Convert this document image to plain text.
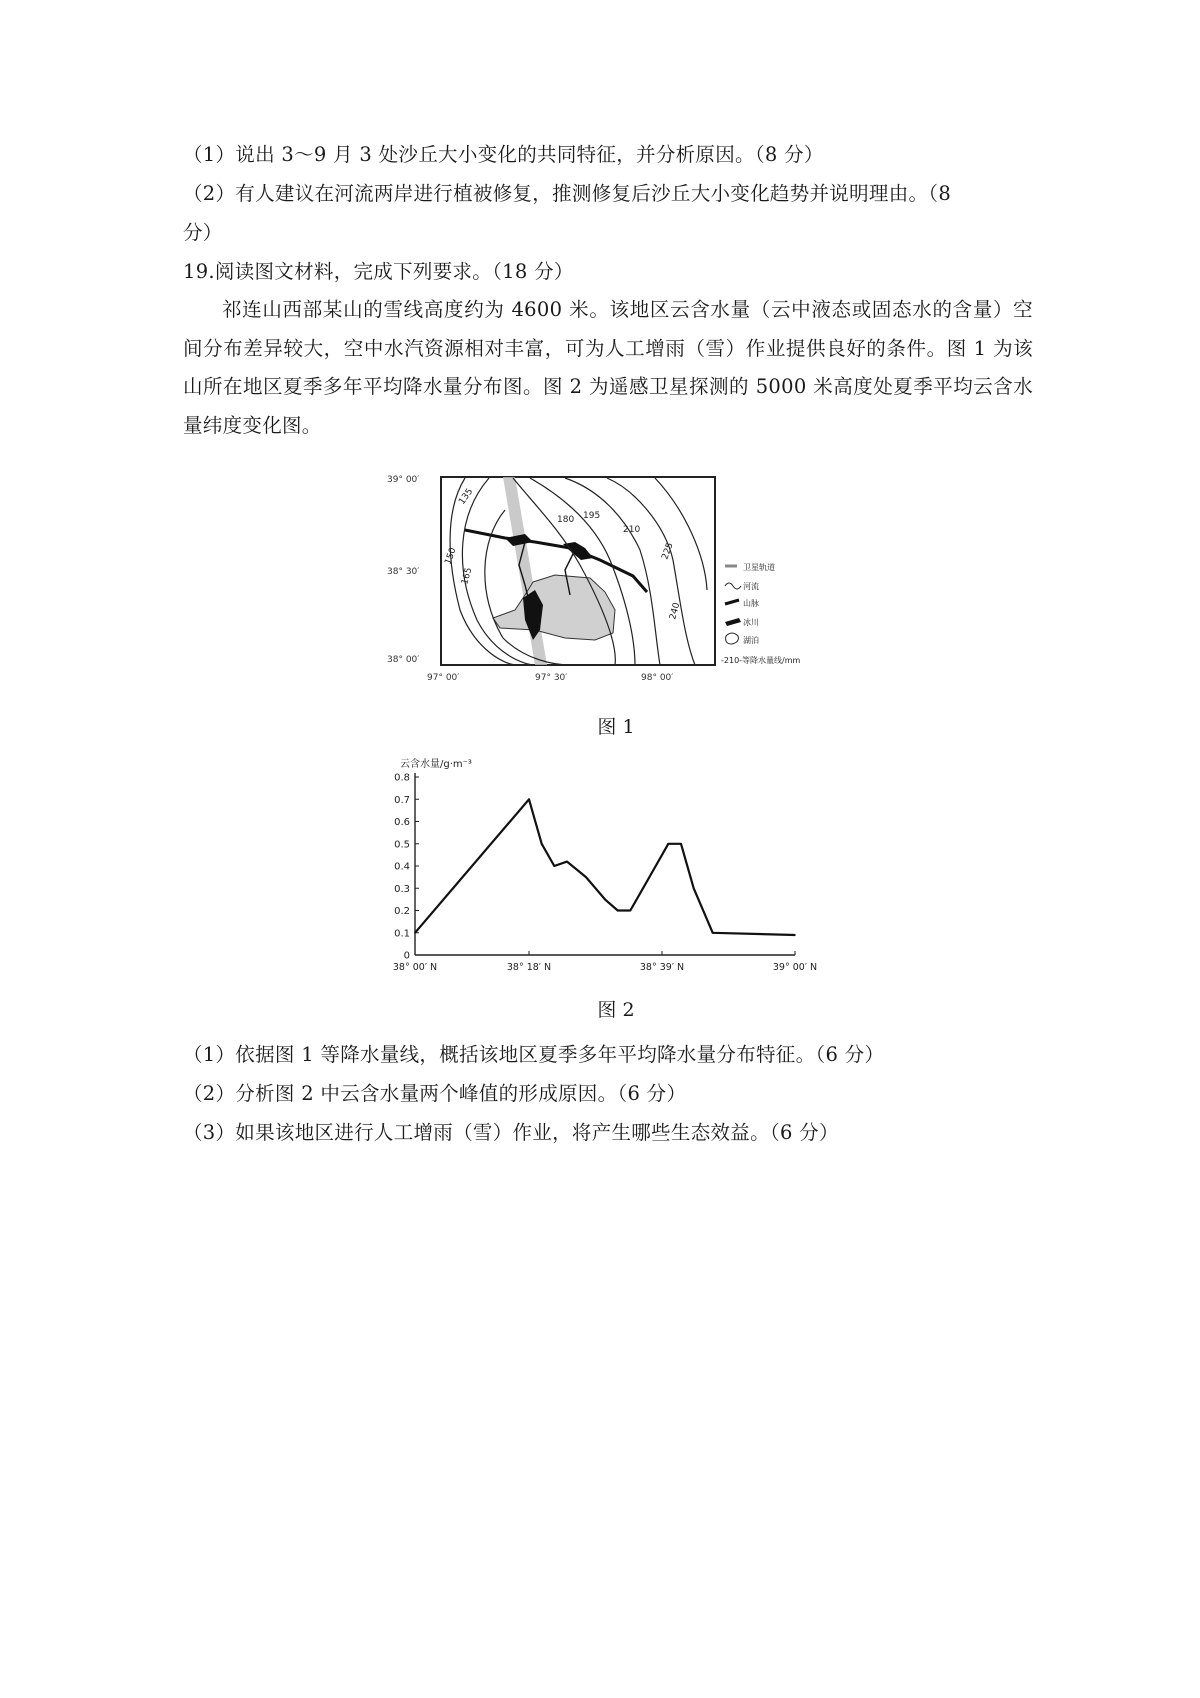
（1）说出 3～9 月 3 处沙丘大小变化的共同特征，并分析原因。（8 分）
（2）有人建议在河流两岸进行植被修复，推测修复后沙丘大小变化趋势并说明理由。（8
分）
19.阅读图文材料，完成下列要求。（18 分）
祁连山西部某山的雪线高度约为 4600 米。该地区云含水量（云中液态或固态水的含量）空间分布差异较大，空中水汽资源相对丰富，可为人工增雨（雪）作业提供良好的条件。图 1 为该山所在地区夏季多年平均降水量分布图。图 2 为遥感卫星探测的 5000 米高度处夏季平均云含水量纬度变化图。
135
150
165
180 195
210
225
240
39° 00′
38° 30′
38° 00′
97° 00′	97° 30′	98° 00′
卫星轨道
河流
山脉
冰川
湖泊
-210-等降水量线/mm
图 1
云含水量/g·m⁻³
0.8
0.7
0.6
0.5
0.4
0.3
0.2
0.1
0
38° 00′ N	38° 18′ N	38° 39′ N	39° 00′ N
图 2
（1）依据图 1 等降水量线，概括该地区夏季多年平均降水量分布特征。（6 分）
（2）分析图 2 中云含水量两个峰值的形成原因。（6 分）
（3）如果该地区进行人工增雨（雪）作业，将产生哪些生态效益。（6 分）
